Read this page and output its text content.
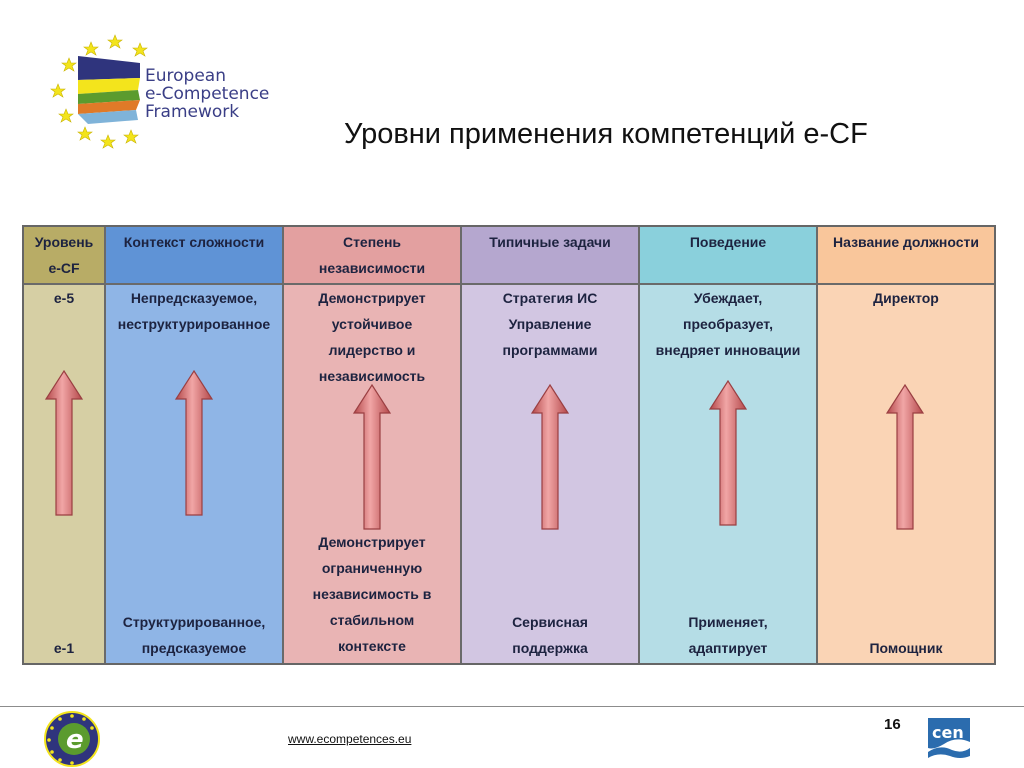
European
e-Competence
Framework
Уровни применения компетенций e-CF
Уровень
e-CF
e-5
e-1
Контекст сложности
Непредсказуемое,
неструктурированное
Структурированное,
предсказуемое
Степень
независимости
Демонстрирует
устойчивое
лидерство и
независимость
Демонстрирует
ограниченную
независимость в
стабильном
контексте
Типичные задачи
Стратегия ИС
Управление
программами
Сервисная
поддержка
Поведение
Убеждает,
преобразует,
внедряет инновации
Применяет,
адаптирует
Название должности
Директор
Помощник
e	www.ecompetences.eu
16 cen
